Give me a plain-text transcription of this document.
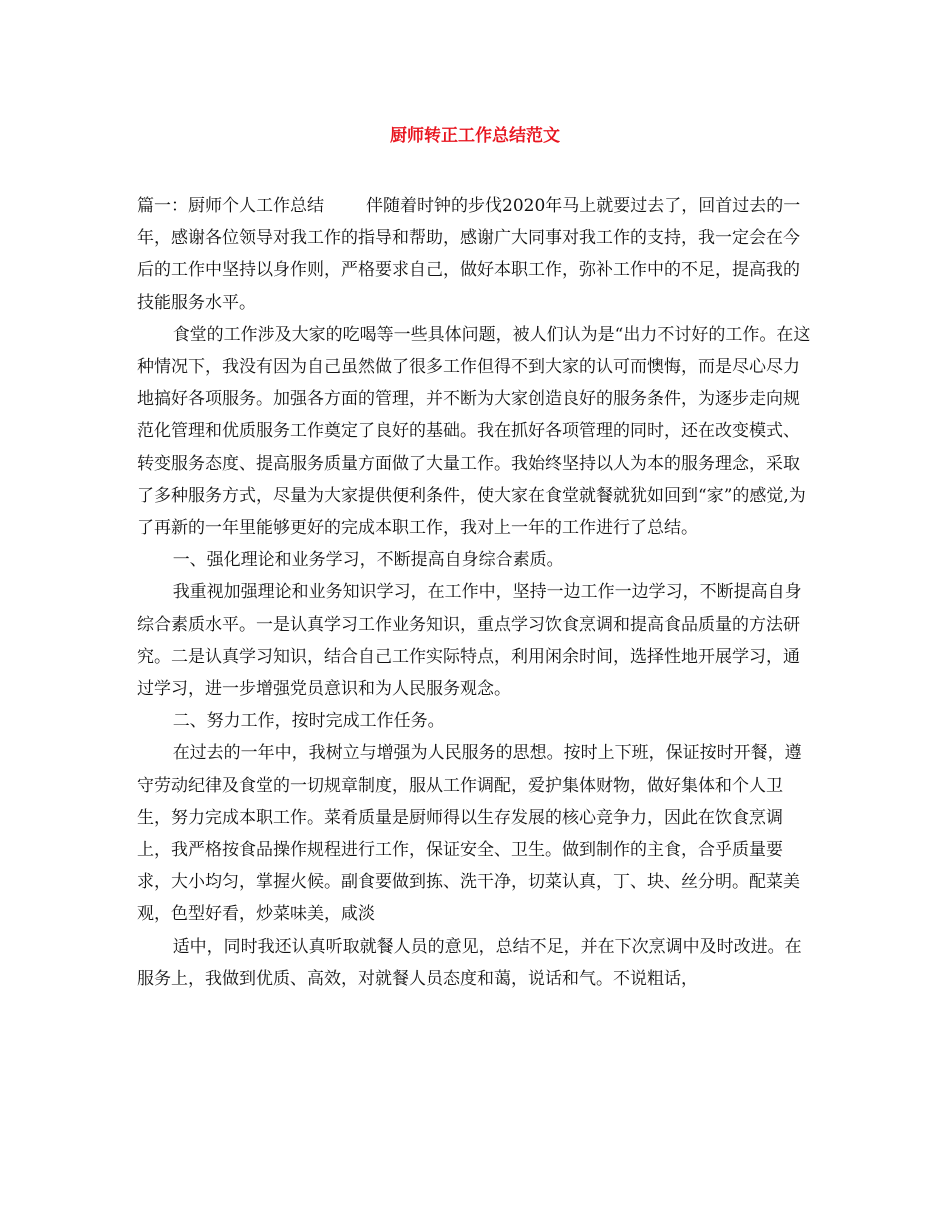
厨师转正工作总结范文

篇一：厨师个人工作总结 伴随着时钟的步伐2020年马上就要过去了，回首过去的一年，感谢各位领导对我工作的指导和帮助，感谢广大同事对我工作的支持，我一定会在今后的工作中坚持以身作则，严格要求自己，做好本职工作，弥补工作中的不足，提高我的技能服务水平。

食堂的工作涉及大家的吃喝等一些具体问题，被人们认为是“出力不讨好的工作。在这种情况下，我没有因为自己虽然做了很多工作但得不到大家的认可而懊悔，而是尽心尽力地搞好各项服务。加强各方面的管理，并不断为大家创造良好的服务条件，为逐步走向规范化管理和优质服务工作奠定了良好的基础。我在抓好各项管理的同时，还在改变模式、转变服务态度、提高服务质量方面做了大量工作。我始终坚持以人为本的服务理念，采取了多种服务方式，尽量为大家提供便利条件，使大家在食堂就餐就犹如回到“家”的感觉,为了再新的一年里能够更好的完成本职工作，我对上一年的工作进行了总结。

一、强化理论和业务学习，不断提高自身综合素质。

我重视加强理论和业务知识学习，在工作中，坚持一边工作一边学习，不断提高自身综合素质水平。一是认真学习工作业务知识，重点学习饮食烹调和提高食品质量的方法研究。二是认真学习知识，结合自己工作实际特点，利用闲余时间，选择性地开展学习，通过学习，进一步增强党员意识和为人民服务观念。

二、努力工作，按时完成工作任务。

在过去的一年中，我树立与增强为人民服务的思想。按时上下班，保证按时开餐，遵守劳动纪律及食堂的一切规章制度，服从工作调配，爱护集体财物，做好集体和个人卫生，努力完成本职工作。菜肴质量是厨师得以生存发展的核心竞争力，因此在饮食烹调上，我严格按食品操作规程进行工作，保证安全、卫生。做到制作的主食，合乎质量要求，大小均匀，掌握火候。副食要做到拣、洗干净，切菜认真，丁、块、丝分明。配菜美观，色型好看，炒菜味美，咸淡

适中，同时我还认真听取就餐人员的意见，总结不足，并在下次烹调中及时改进。在服务上，我做到优质、高效，对就餐人员态度和蔼，说话和气。不说粗话，
